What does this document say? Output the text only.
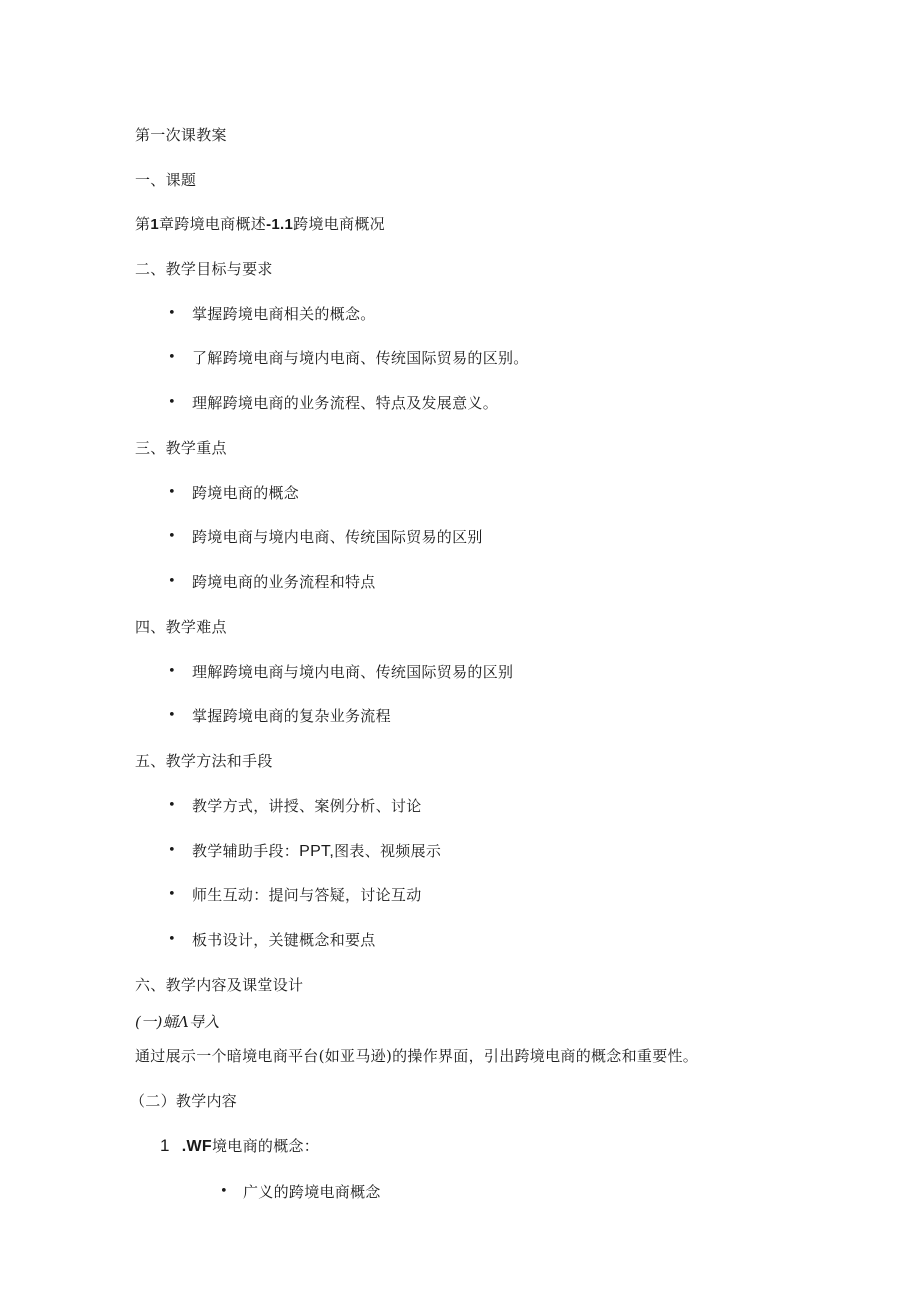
第一次课教案
一、课题
第1章跨境电商概述-1.1跨境电商概况
二、教学目标与要求
• 掌握跨境电商相关的概念。
• 了解跨境电商与境内电商、传统国际贸易的区别。
• 理解跨境电商的业务流程、特点及发展意义。
三、教学重点
• 跨境电商的概念
• 跨境电商与境内电商、传统国际贸易的区别
• 跨境电商的业务流程和特点
四、教学难点
• 理解跨境电商与境内电商、传统国际贸易的区别
• 掌握跨境电商的复杂业务流程
五、教学方法和手段
• 教学方式，讲授、案例分析、讨论
• 教学辅助手段：PPT,图表、视频展示
• 师生互动：提问与答疑，讨论互动
• 板书设计，关键概念和要点
六、教学内容及课堂设计
(一)蛹Λ导入
通过展示一个暗境电商平台(如亚马逊)的操作界面，引出跨境电商的概念和重要性。
（二）教学内容
1 .WF境电商的概念：
• 广义的跨境电商概念
